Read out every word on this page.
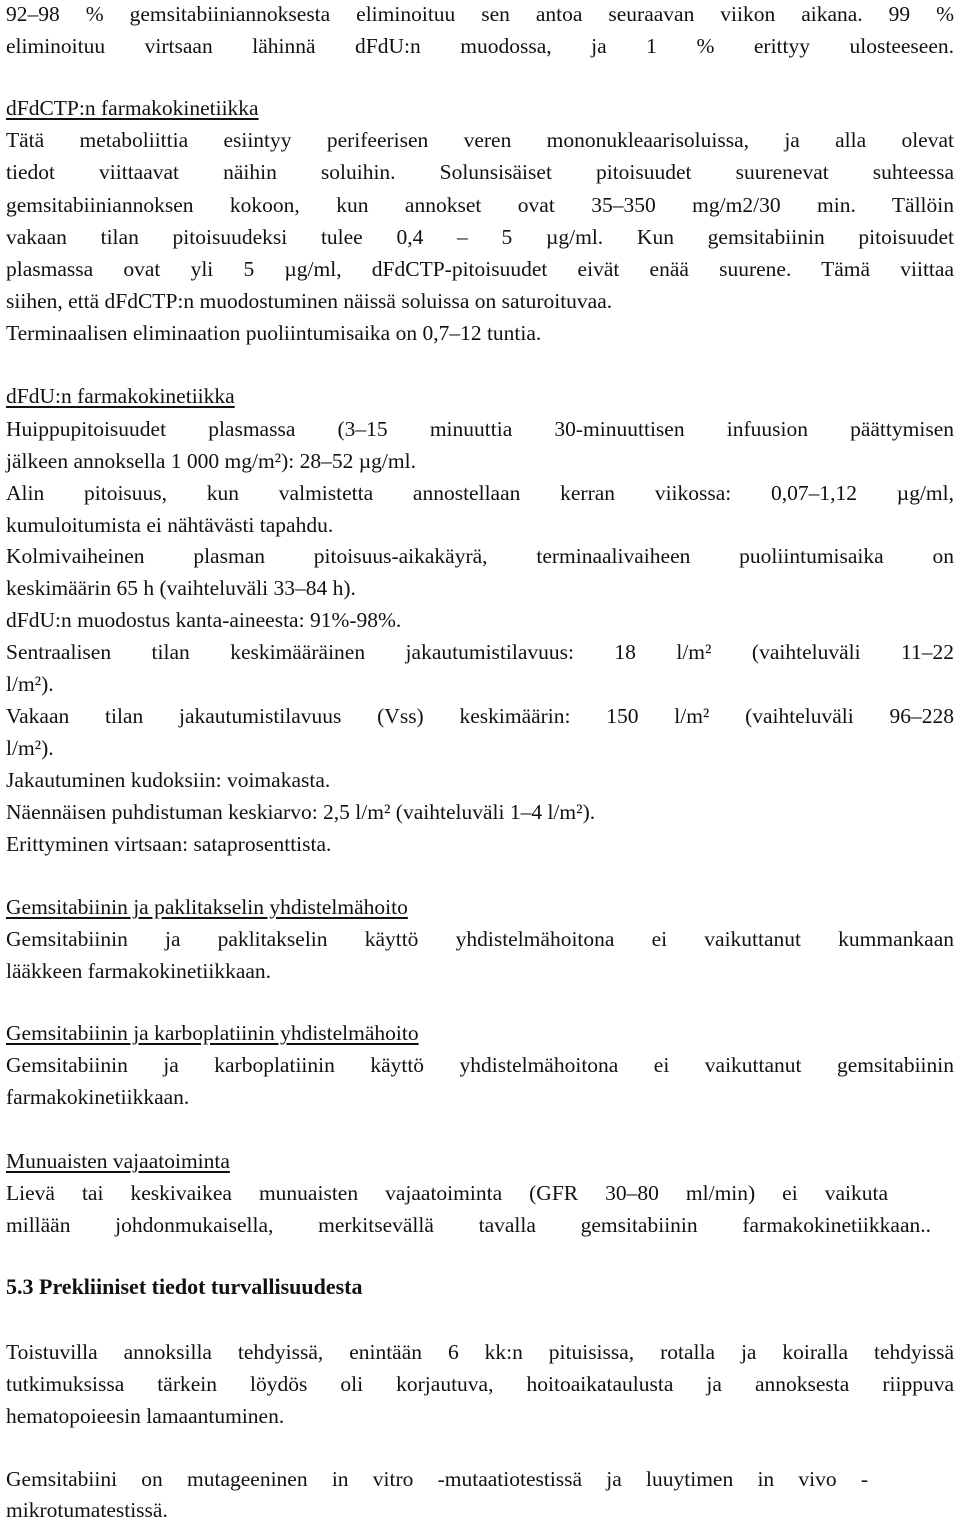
92–98 % gemsitabiiniannoksesta eliminoituu sen antoa seuraavan viikon aikana. 99 %
eliminoituu virtsaan lähinnä dFdU:n muodossa, ja 1 % erittyy ulosteeseen.
dFdCTP:n farmakokinetiikka
Tätä metaboliittia esiintyy perifeerisen veren mononukleaarisoluissa, ja alla olevat
tiedot viittaavat näihin soluihin. Solunsisäiset pitoisuudet suurenevat suhteessa
gemsitabiiniannoksen kokoon, kun annokset ovat 35–350 mg/m2/30 min. Tällöin
vakaan tilan pitoisuudeksi tulee 0,4 – 5 µg/ml. Kun gemsitabiinin pitoisuudet
plasmassa ovat yli 5 µg/ml, dFdCTP-pitoisuudet eivät enää suurene. Tämä viittaa
siihen, että dFdCTP:n muodostuminen näissä soluissa on saturoituvaa.
Terminaalisen eliminaation puoliintumisaika on 0,7–12 tuntia.
dFdU:n farmakokinetiikka
Huippupitoisuudet plasmassa (3–15 minuuttia 30-minuuttisen infuusion päättymisen
jälkeen annoksella 1 000 mg/m²): 28–52 µg/ml.
Alin pitoisuus, kun valmistetta annostellaan kerran viikossa: 0,07–1,12 µg/ml,
kumuloitumista ei nähtävästi tapahdu.
Kolmivaiheinen plasman pitoisuus-aikakäyrä, terminaalivaiheen puoliintumisaika on
keskimäärin 65 h (vaihteluväli 33–84 h).
dFdU:n muodostus kanta-aineesta: 91%-98%.
Sentraalisen tilan keskimääräinen jakautumistilavuus: 18 l/m² (vaihteluväli 11–22
l/m²).
Vakaan tilan jakautumistilavuus (Vss) keskimäärin: 150 l/m² (vaihteluväli 96–228
l/m²).
Jakautuminen kudoksiin: voimakasta.
Näennäisen puhdistuman keskiarvo: 2,5 l/m² (vaihteluväli 1–4 l/m²).
Erittyminen virtsaan: sataprosenttista.
Gemsitabiinin ja paklitakselin yhdistelmähoito
Gemsitabiinin ja paklitakselin käyttö yhdistelmähoitona ei vaikuttanut kummankaan
lääkkeen farmakokinetiikkaan.
Gemsitabiinin ja karboplatiinin yhdistelmähoito
Gemsitabiinin ja karboplatiinin käyttö yhdistelmähoitona ei vaikuttanut gemsitabiinin
farmakokinetiikkaan.
Munuaisten vajaatoiminta
Lievä tai keskivaikea munuaisten vajaatoiminta (GFR 30–80 ml/min) ei vaikuta
millään johdonmukaisella, merkitsevällä tavalla gemsitabiinin farmakokinetiikkaan..
5.3 Prekliiniset tiedot turvallisuudesta
Toistuvilla annoksilla tehdyissä, enintään 6 kk:n pituisissa, rotalla ja koiralla tehdyissä
tutkimuksissa tärkein löydös oli korjautuva, hoitoaikataulusta ja annoksesta riippuva
hematopoieesin lamaantuminen.
Gemsitabiini on mutageeninen in vitro -mutaatiotestissä ja luuytimen in vivo -
mikrotumatestissä.
